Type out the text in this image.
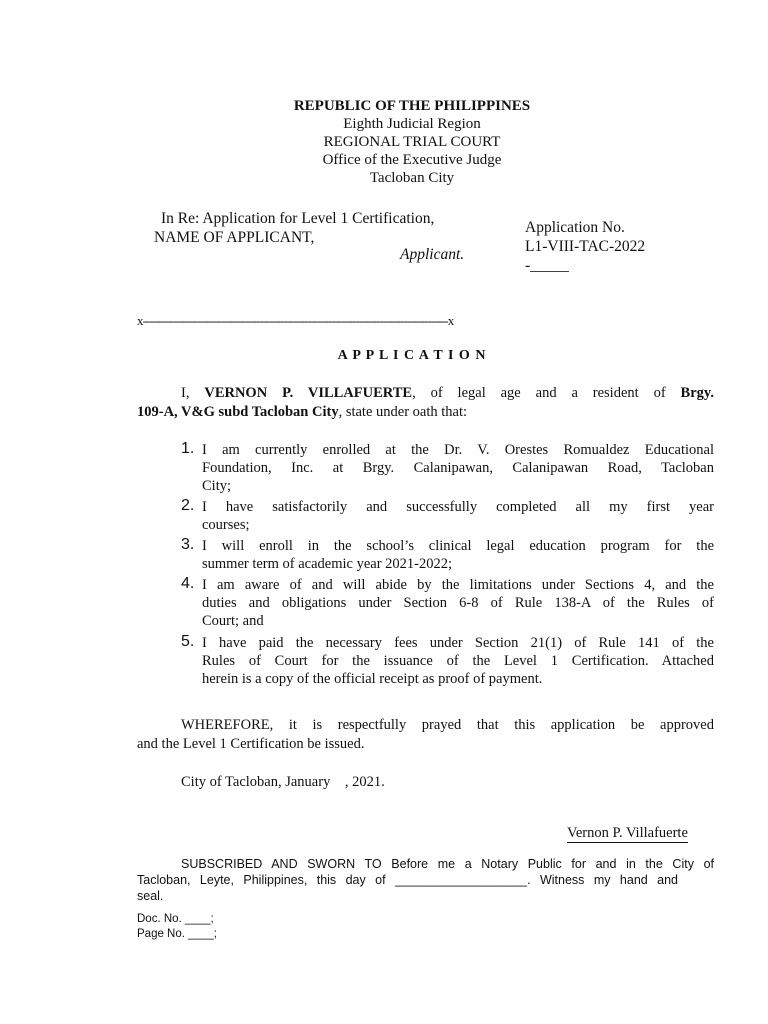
REPUBLIC OF THE PHILIPPINES
Eighth Judicial Region
REGIONAL TRIAL COURT
Office of the Executive Judge
Tacloban City
In Re: Application for Level 1 Certification,
NAME OF APPLICANT,
Applicant.
Application No.
L1-VIII-TAC-2022
-_____
x-----------------------------------------------------------------------------------------x
A P P L I C A T I O N
I, VERNON P. VILLAFUERTE, of legal age and a resident of Brgy.
109-A, V&G subd Tacloban City, state under oath that:
1. I am currently enrolled at the Dr. V. Orestes Romualdez Educational
Foundation, Inc. at Brgy. Calanipawan, Calanipawan Road, Tacloban
City;
2. I have satisfactorily and successfully completed all my first year
courses;
3. I will enroll in the school’s clinical legal education program for the
summer term of academic year 2021-2022;
4. I am aware of and will abide by the limitations under Sections 4, and the
duties and obligations under Section 6-8 of Rule 138-A of the Rules of
Court; and
5. I have paid the necessary fees under Section 21(1) of Rule 141 of the
Rules of Court for the issuance of the Level 1 Certification. Attached
herein is a copy of the official receipt as proof of payment.
WHEREFORE, it is respectfully prayed that this application be approved
and the Level 1 Certification be issued.
City of Tacloban, January    , 2021.
Vernon P. Villafuerte
SUBSCRIBED AND SWORN TO Before me a Notary Public for and in the City of
Tacloban, Leyte, Philippines, this day of ___________________. Witness my hand and
seal.
Doc. No. ____;
Page No. ____;
